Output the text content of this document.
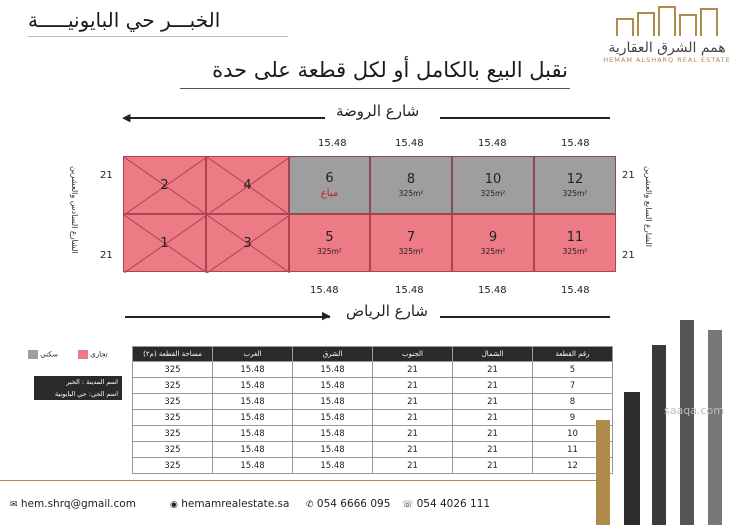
الخبـــر حي البايونيـــــة
همم الشرق العقارية
HEMAM ALSHARQ REAL ESTATE
نقبل البيع بالكامل أو لكل قطعة على حدة
شارع الروضة
◀
15.48	15.48	15.48	15.48
الشارع السادس والعشرين	الشارع السابع والعشرين
21
21
21
21
2	4	6
مباع
8
325m²
10
325m²
12
325m²
1	3	5
325m²
7
325m²
9
325m²
11
325m²
15.48	15.48	15.48	15.48
▶ شارع الرياض
سكني	تجاري
اسم المدينة : الخبر
اسم الحي: حي البايونية
مساحة القطعة (م٢)	الغرب	الشرق	الجنوب	الشمال	رقم القطعة
325	15.48	15.48	21	21	5
325	15.48	15.48	21	21	7
325	15.48	15.48	21	21	8
325	15.48	15.48	21	21	9
325	15.48	15.48	21	21	10
325	15.48	15.48	21	21	11
325	15.48	15.48	21	21	12
saaqa.com
✉ hem.shrq@gmail.com	◉ hemamrealestate.sa ✆ 054 6666 095 ☏ 054 4026 111
